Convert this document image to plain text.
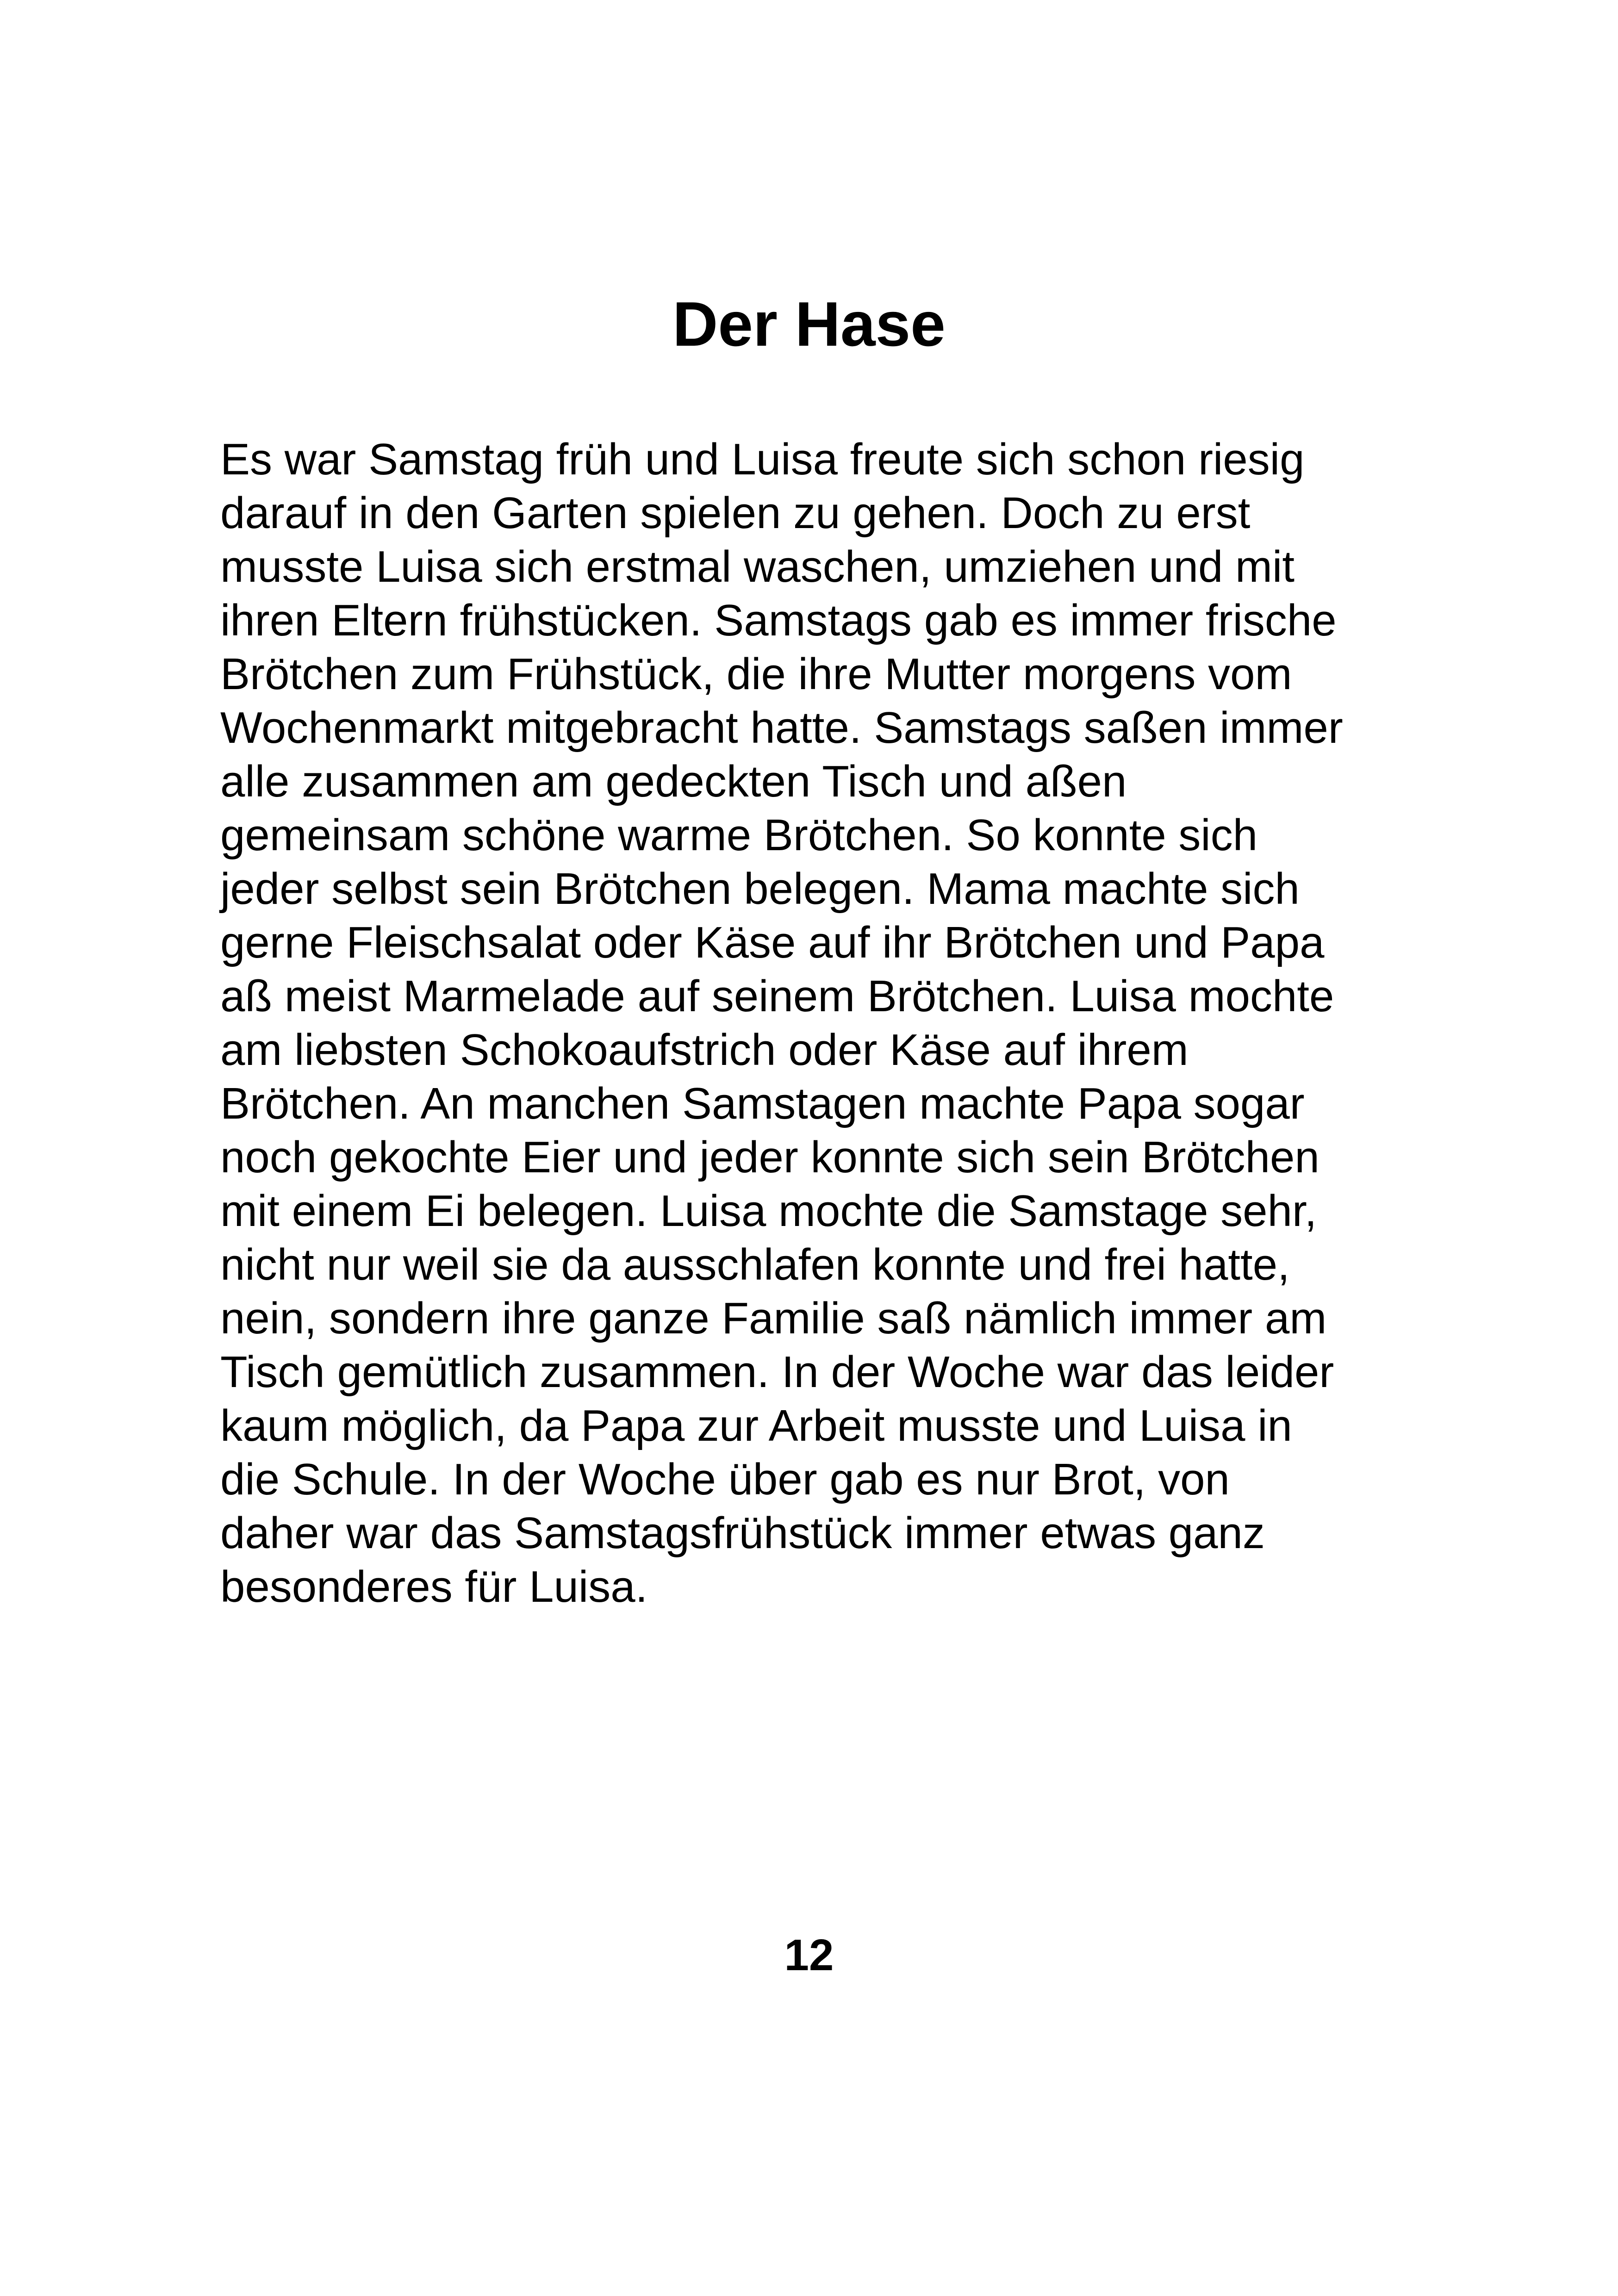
Der Hase
Es war Samstag früh und Luisa freute sich schon riesig
darauf in den Garten spielen zu gehen. Doch zu erst
musste Luisa sich erstmal waschen, umziehen und mit
ihren Eltern frühstücken. Samstags gab es immer frische
Brötchen zum Frühstück, die ihre Mutter morgens vom
Wochenmarkt mitgebracht hatte. Samstags saßen immer
alle zusammen am gedeckten Tisch und aßen
gemeinsam schöne warme Brötchen. So konnte sich
jeder selbst sein Brötchen belegen. Mama machte sich
gerne Fleischsalat oder Käse auf ihr Brötchen und Papa
aß meist Marmelade auf seinem Brötchen. Luisa mochte
am liebsten Schokoaufstrich oder Käse auf ihrem
Brötchen. An manchen Samstagen machte Papa sogar
noch gekochte Eier und jeder konnte sich sein Brötchen
mit einem Ei belegen. Luisa mochte die Samstage sehr,
nicht nur weil sie da ausschlafen konnte und frei hatte,
nein, sondern ihre ganze Familie saß nämlich immer am
Tisch gemütlich zusammen. In der Woche war das leider
kaum möglich, da Papa zur Arbeit musste und Luisa in
die Schule. In der Woche über gab es nur Brot, von
daher war das Samstagsfrühstück immer etwas ganz
besonderes für Luisa.
12
